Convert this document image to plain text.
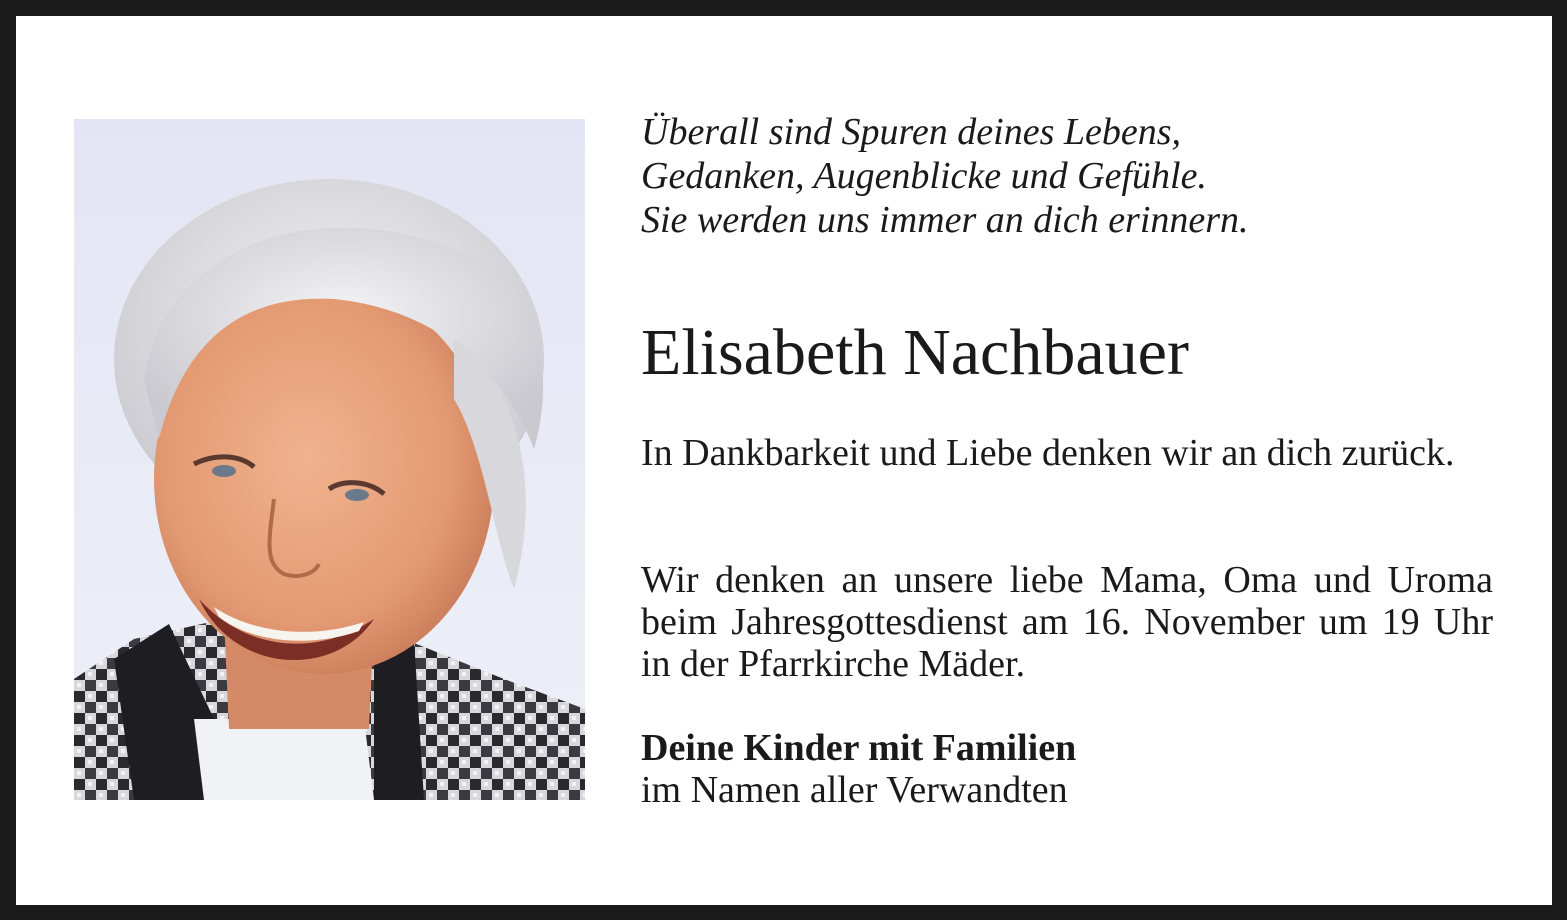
Überall sind Spuren deines Lebens,
Gedanken, Augenblicke und Gefühle.
Sie werden uns immer an dich erinnern.

Elisabeth Nachbauer

In Dankbarkeit und Liebe denken wir an dich zurück.

Wir denken an unsere liebe Mama, Oma und Uroma beim Jahresgottesdienst am 16. November um 19 Uhr in der Pfarrkirche Mäder.

Deine Kinder mit Familien
im Namen aller Verwandten
